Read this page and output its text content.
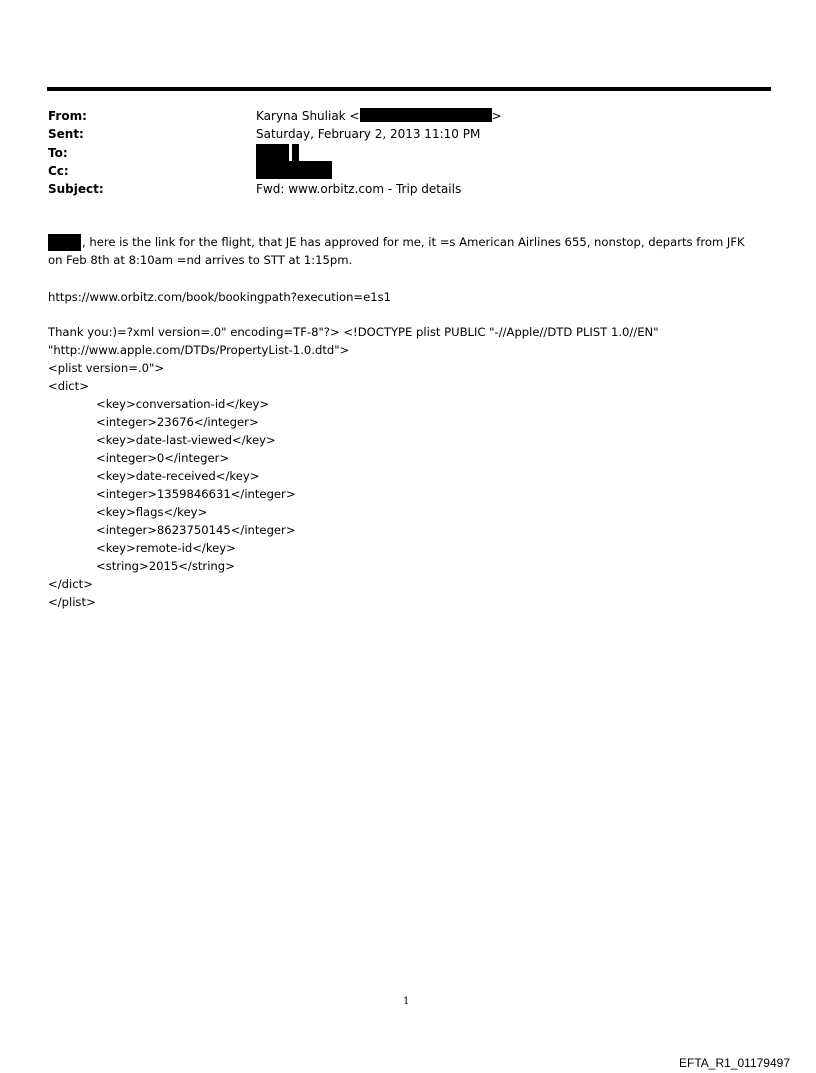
From:	Karyna Shuliak <	>
Sent:	Saturday, February 2, 2013 11:10 PM
To:
Cc:
Subject:	Fwd: www.orbitz.com - Trip details
, here is the link for the flight, that JE has approved for me, it =s American Airlines 655, nonstop, departs from JFK
on Feb 8th at 8:10am =nd arrives to STT at 1:15pm.
https://www.orbitz.com/book/bookingpath?execution=e1s1
Thank you:)=?xml version=.0" encoding=TF-8"?> <!DOCTYPE plist PUBLIC "-//Apple//DTD PLIST 1.0//EN"
"http://www.apple.com/DTDs/PropertyList-1.0.dtd">
<plist version=.0">
<dict>
<key>conversation-id</key>
<integer>23676</integer>
<key>date-last-viewed</key>
<integer>0</integer>
<key>date-received</key>
<integer>1359846631</integer>
<key>flags</key>
<integer>8623750145</integer>
<key>remote-id</key>
<string>2015</string>
</dict>
</plist>
1
EFTA_R1_01179497
